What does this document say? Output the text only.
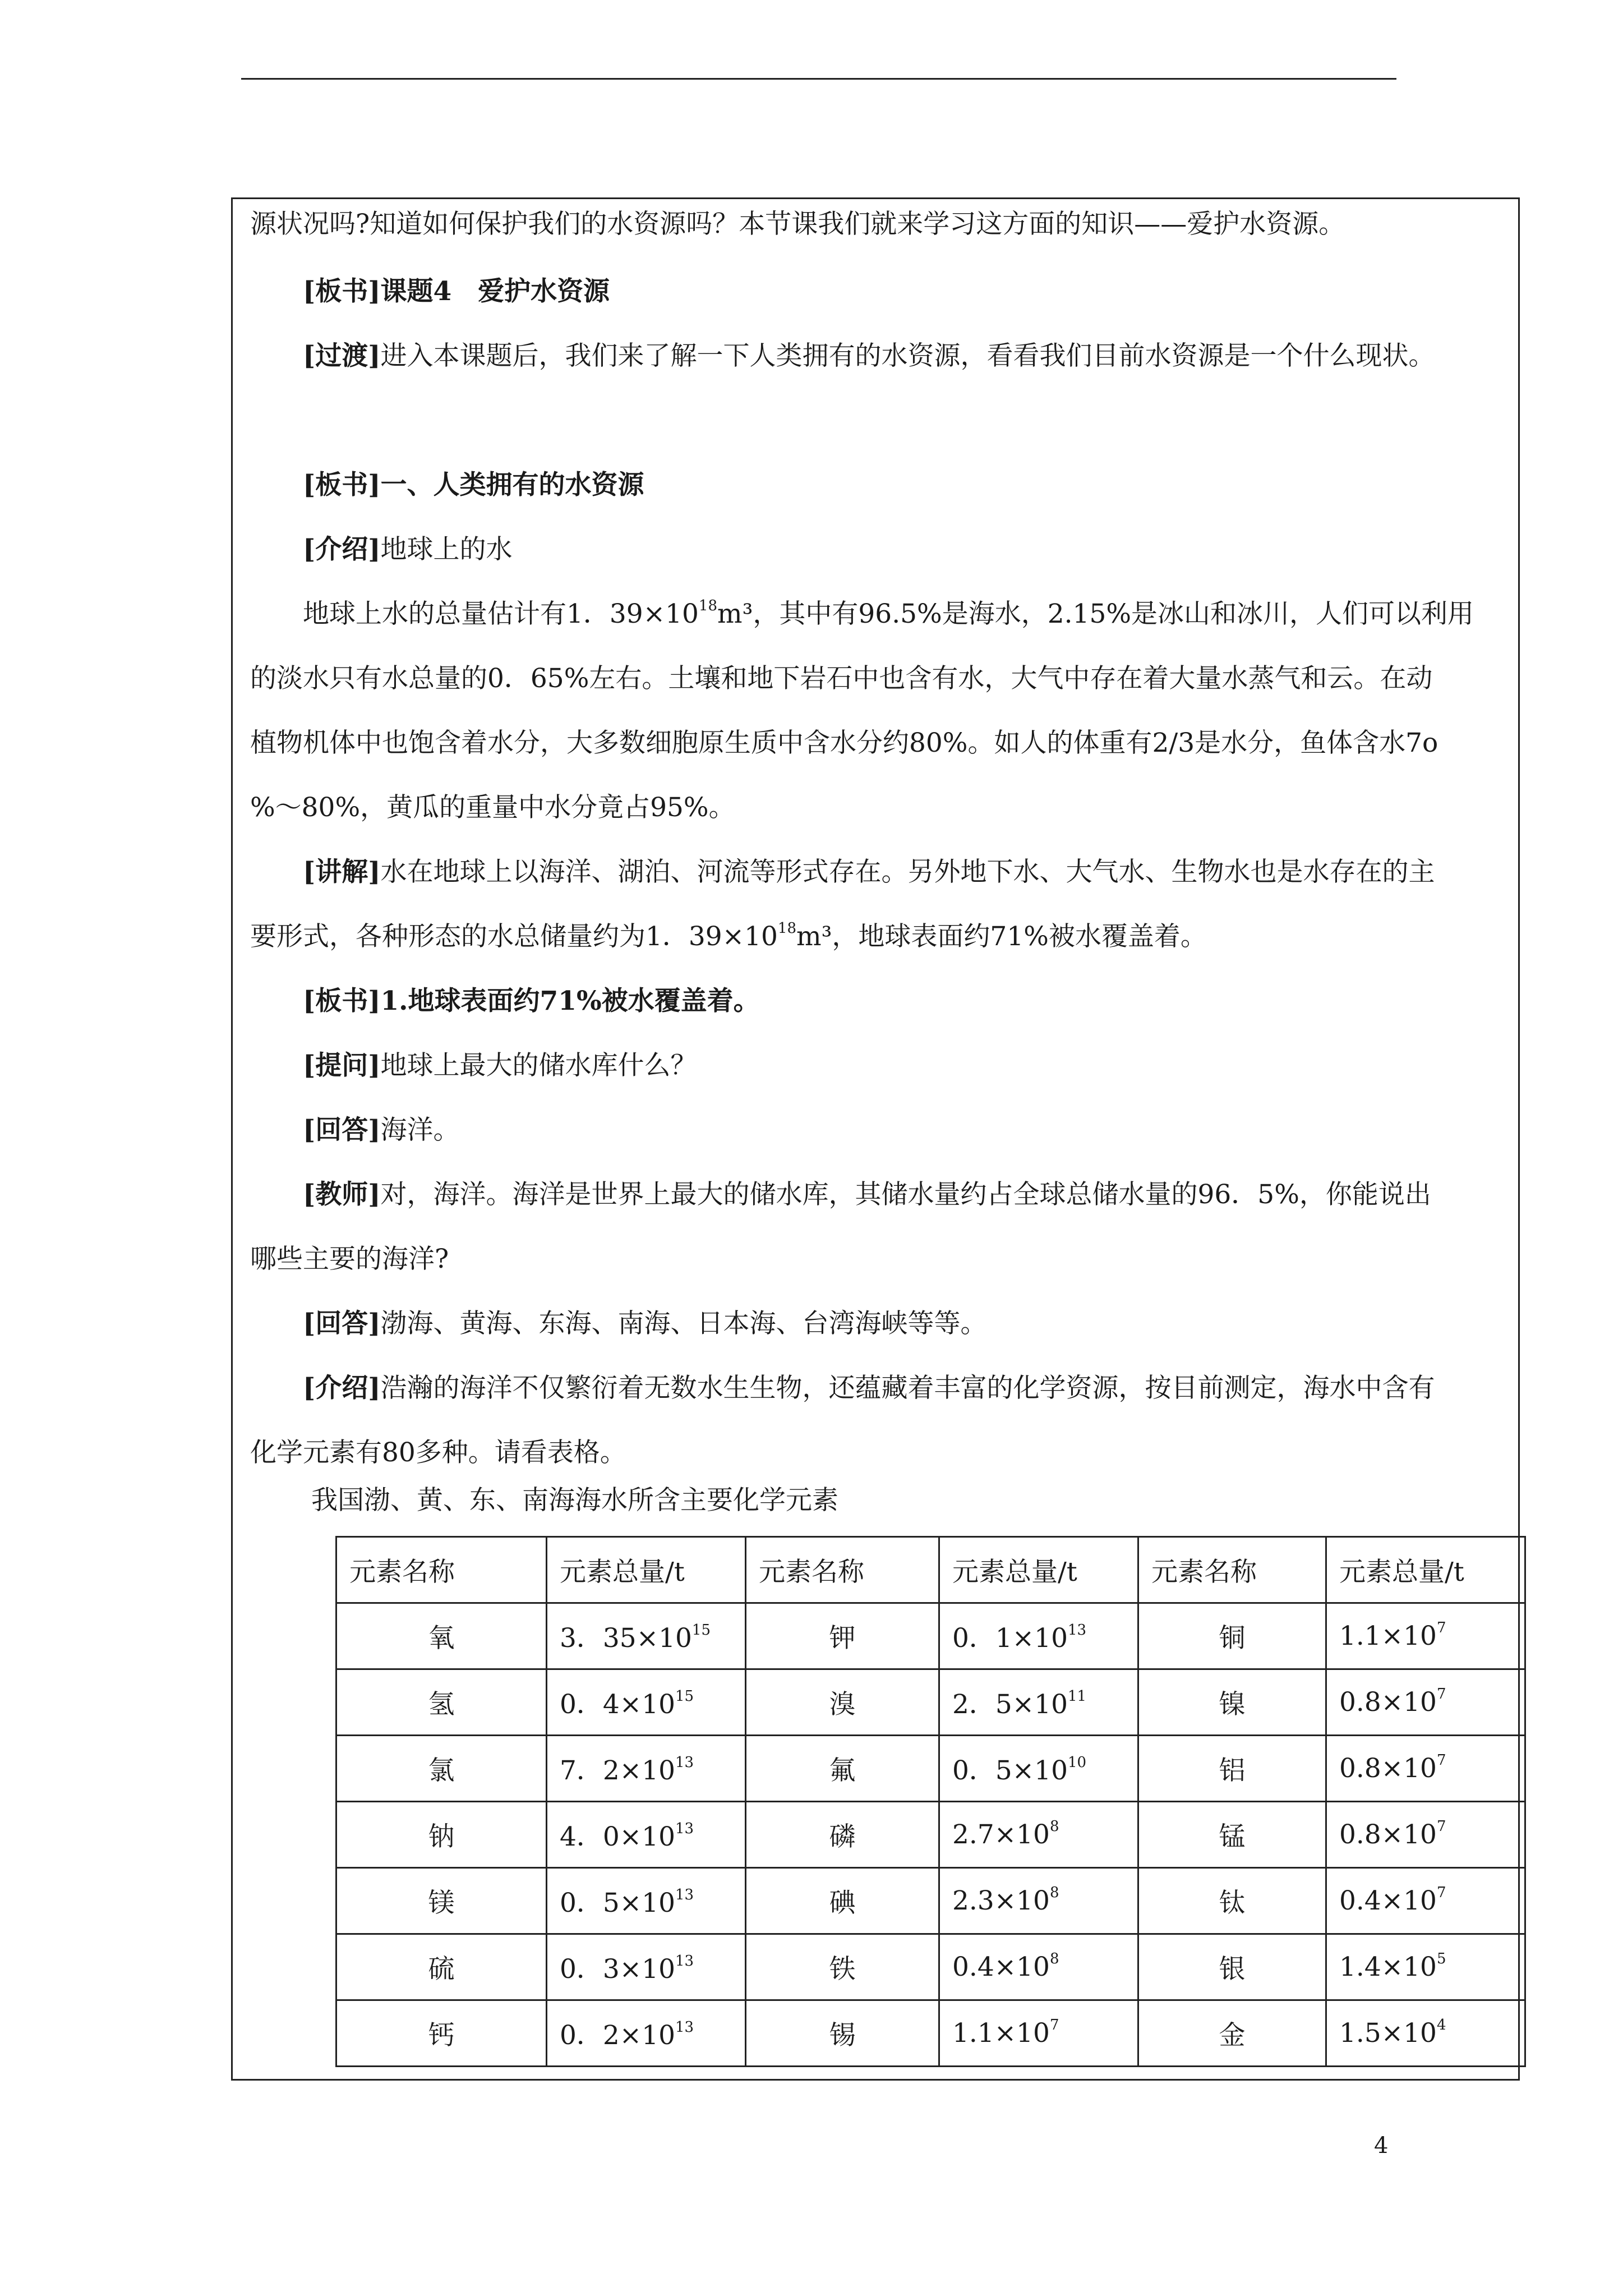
源状况吗?知道如何保护我们的水资源吗？本节课我们就来学习这方面的知识——爱护水资源。
[板书]课题4　爱护水资源
[过渡]进入本课题后，我们来了解一下人类拥有的水资源，看看我们目前水资源是一个什么现状。
[板书]一、人类拥有的水资源
[介绍]地球上的水
地球上水的总量估计有1．$39\times 10^{18}m^3$，其中有96.5%是海水，2.15%是冰山和冰川，人们可以利用
的淡水只有水总量的0．65%左右。土壤和地下岩石中也含有水，大气中存在着大量水蒸气和云。在动
植物机体中也饱含着水分，大多数细胞原生质中含水分约80%。如人的体重有2/3是水分，鱼体含水7o
%～80%，黄瓜的重量中水分竟占95%。
[讲解]水在地球上以海洋、湖泊、河流等形式存在。另外地下水、大气水、生物水也是水存在的主
要形式，各种形态的水总储量约为1．$39\times 10^{18}m^3$，地球表面约71%被水覆盖着。
[板书]1.地球表面约71%被水覆盖着。
[提问]地球上最大的储水库什么？
[回答]海洋。
[教师]对，海洋。海洋是世界上最大的储水库，其储水量约占全球总储水量的96．5%，你能说出
哪些主要的海洋?
[回答]渤海、黄海、东海、南海、日本海、台湾海峡等等。
[介绍]浩瀚的海洋不仅繁衍着无数水生生物，还蕴藏着丰富的化学资源，按目前测定，海水中含有
化学元素有80多种。请看表格。
我国渤、黄、东、南海海水所含主要化学元素
元素名称	元素总量/t	元素名称	元素总量/t	元素名称	元素总量/t
氧	3．$35\times 10^{15}$	钾	0．$1\times 10^{13}$	铜	$1.1\times 10^7$
氢	0．$4\times 10^{15}$	溴	2．$5\times 10^{11}$	镍	$0.8\times 10^7$
氯	7．$2\times 10^{13}$	氟	0．$5\times 10^{10}$	铝	$0.8\times 10^7$
钠	4．$0\times 10^{13}$	磷	$2.7\times 10^8$	锰	$0.8\times 10^7$
镁	0．$5\times 10^{13}$	碘	$2.3\times 10^8$	钛	$0.4\times 10^7$
硫	0．$3\times 10^{13}$	铁	$0.4\times 10^8$	银	$1.4\times 10^5$
钙	0．$2\times 10^{13}$	锡	$1.1\times 10^7$	金	$1.5\times 10^4$
4
